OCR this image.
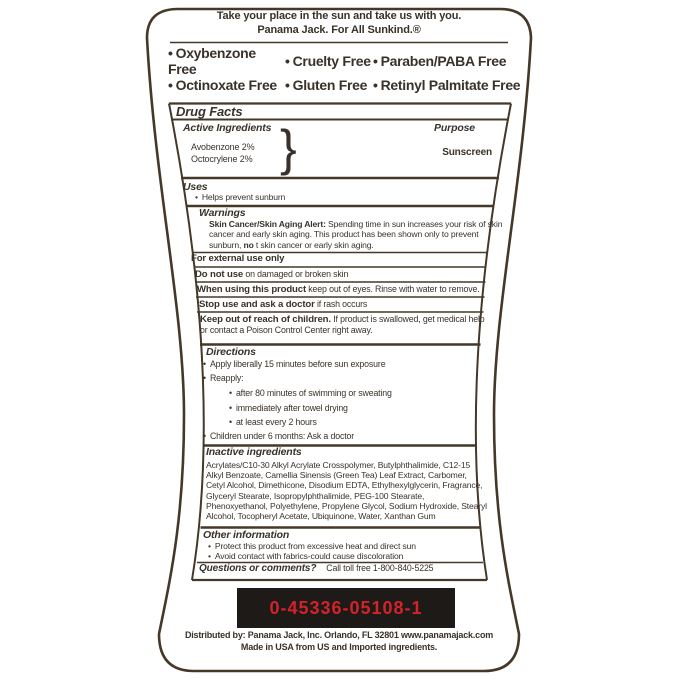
Take your place in the sun and take us with you.
Panama Jack. For All Sunkind.®
• Oxybenzone Free	• Cruelty Free • Paraben/PABA Free
• Octinoxate Free	• Gluten Free • Retinyl Palmitate Free
Drug Facts
Active Ingredients	Purpose
Avobenzone 2%
Octocrylene 2% }	Sunscreen
Uses
• Helps prevent sunburn
Warnings
Skin Cancer/Skin Aging Alert: Spending time in sun increases your risk of skin cancer and early skin aging. This product has been shown only to prevent sunburn, no t skin cancer or early skin aging.
For external use only
Do not use on damaged or broken skin
When using this product keep out of eyes. Rinse with water to remove.
Stop use and ask a doctor if rash occurs
Keep out of reach of children. If product is swallowed, get medical help or contact a Poison Control Center right away.
Directions
• Apply liberally 15 minutes before sun exposure
• Reapply:
• after 80 minutes of swimming or sweating
• immediately after towel drying
• at least every 2 hours
• Children under 6 months: Ask a doctor
Inactive ingredients
Acrylates/C10-30 Alkyl Acrylate Crosspolymer, Butylphthalimide, C12-15 Alkyl Benzoate, Camellia Sinensis (Green Tea) Leaf Extract, Carbomer, Cetyl Alcohol, Dimethicone, Disodium EDTA, Ethylhexylglycerin, Fragrance, Glyceryl Stearate, Isopropylphthalimide, PEG-100 Stearate, Phenoxyethanol, Polyethylene, Propylene Glycol, Sodium Hydroxide, Stearyl Alcohol, Tocopheryl Acetate, Ubiquinone, Water, Xanthan Gum
Other information
• Protect this product from excessive heat and direct sun
• Avoid contact with fabrics-could cause discoloration
Questions or comments? Call toll free 1-800-840-5225
0-45336-05108-1
Distributed by: Panama Jack, Inc. Orlando, FL 32801 www.panamajack.com
Made in USA from US and Imported ingredients.
